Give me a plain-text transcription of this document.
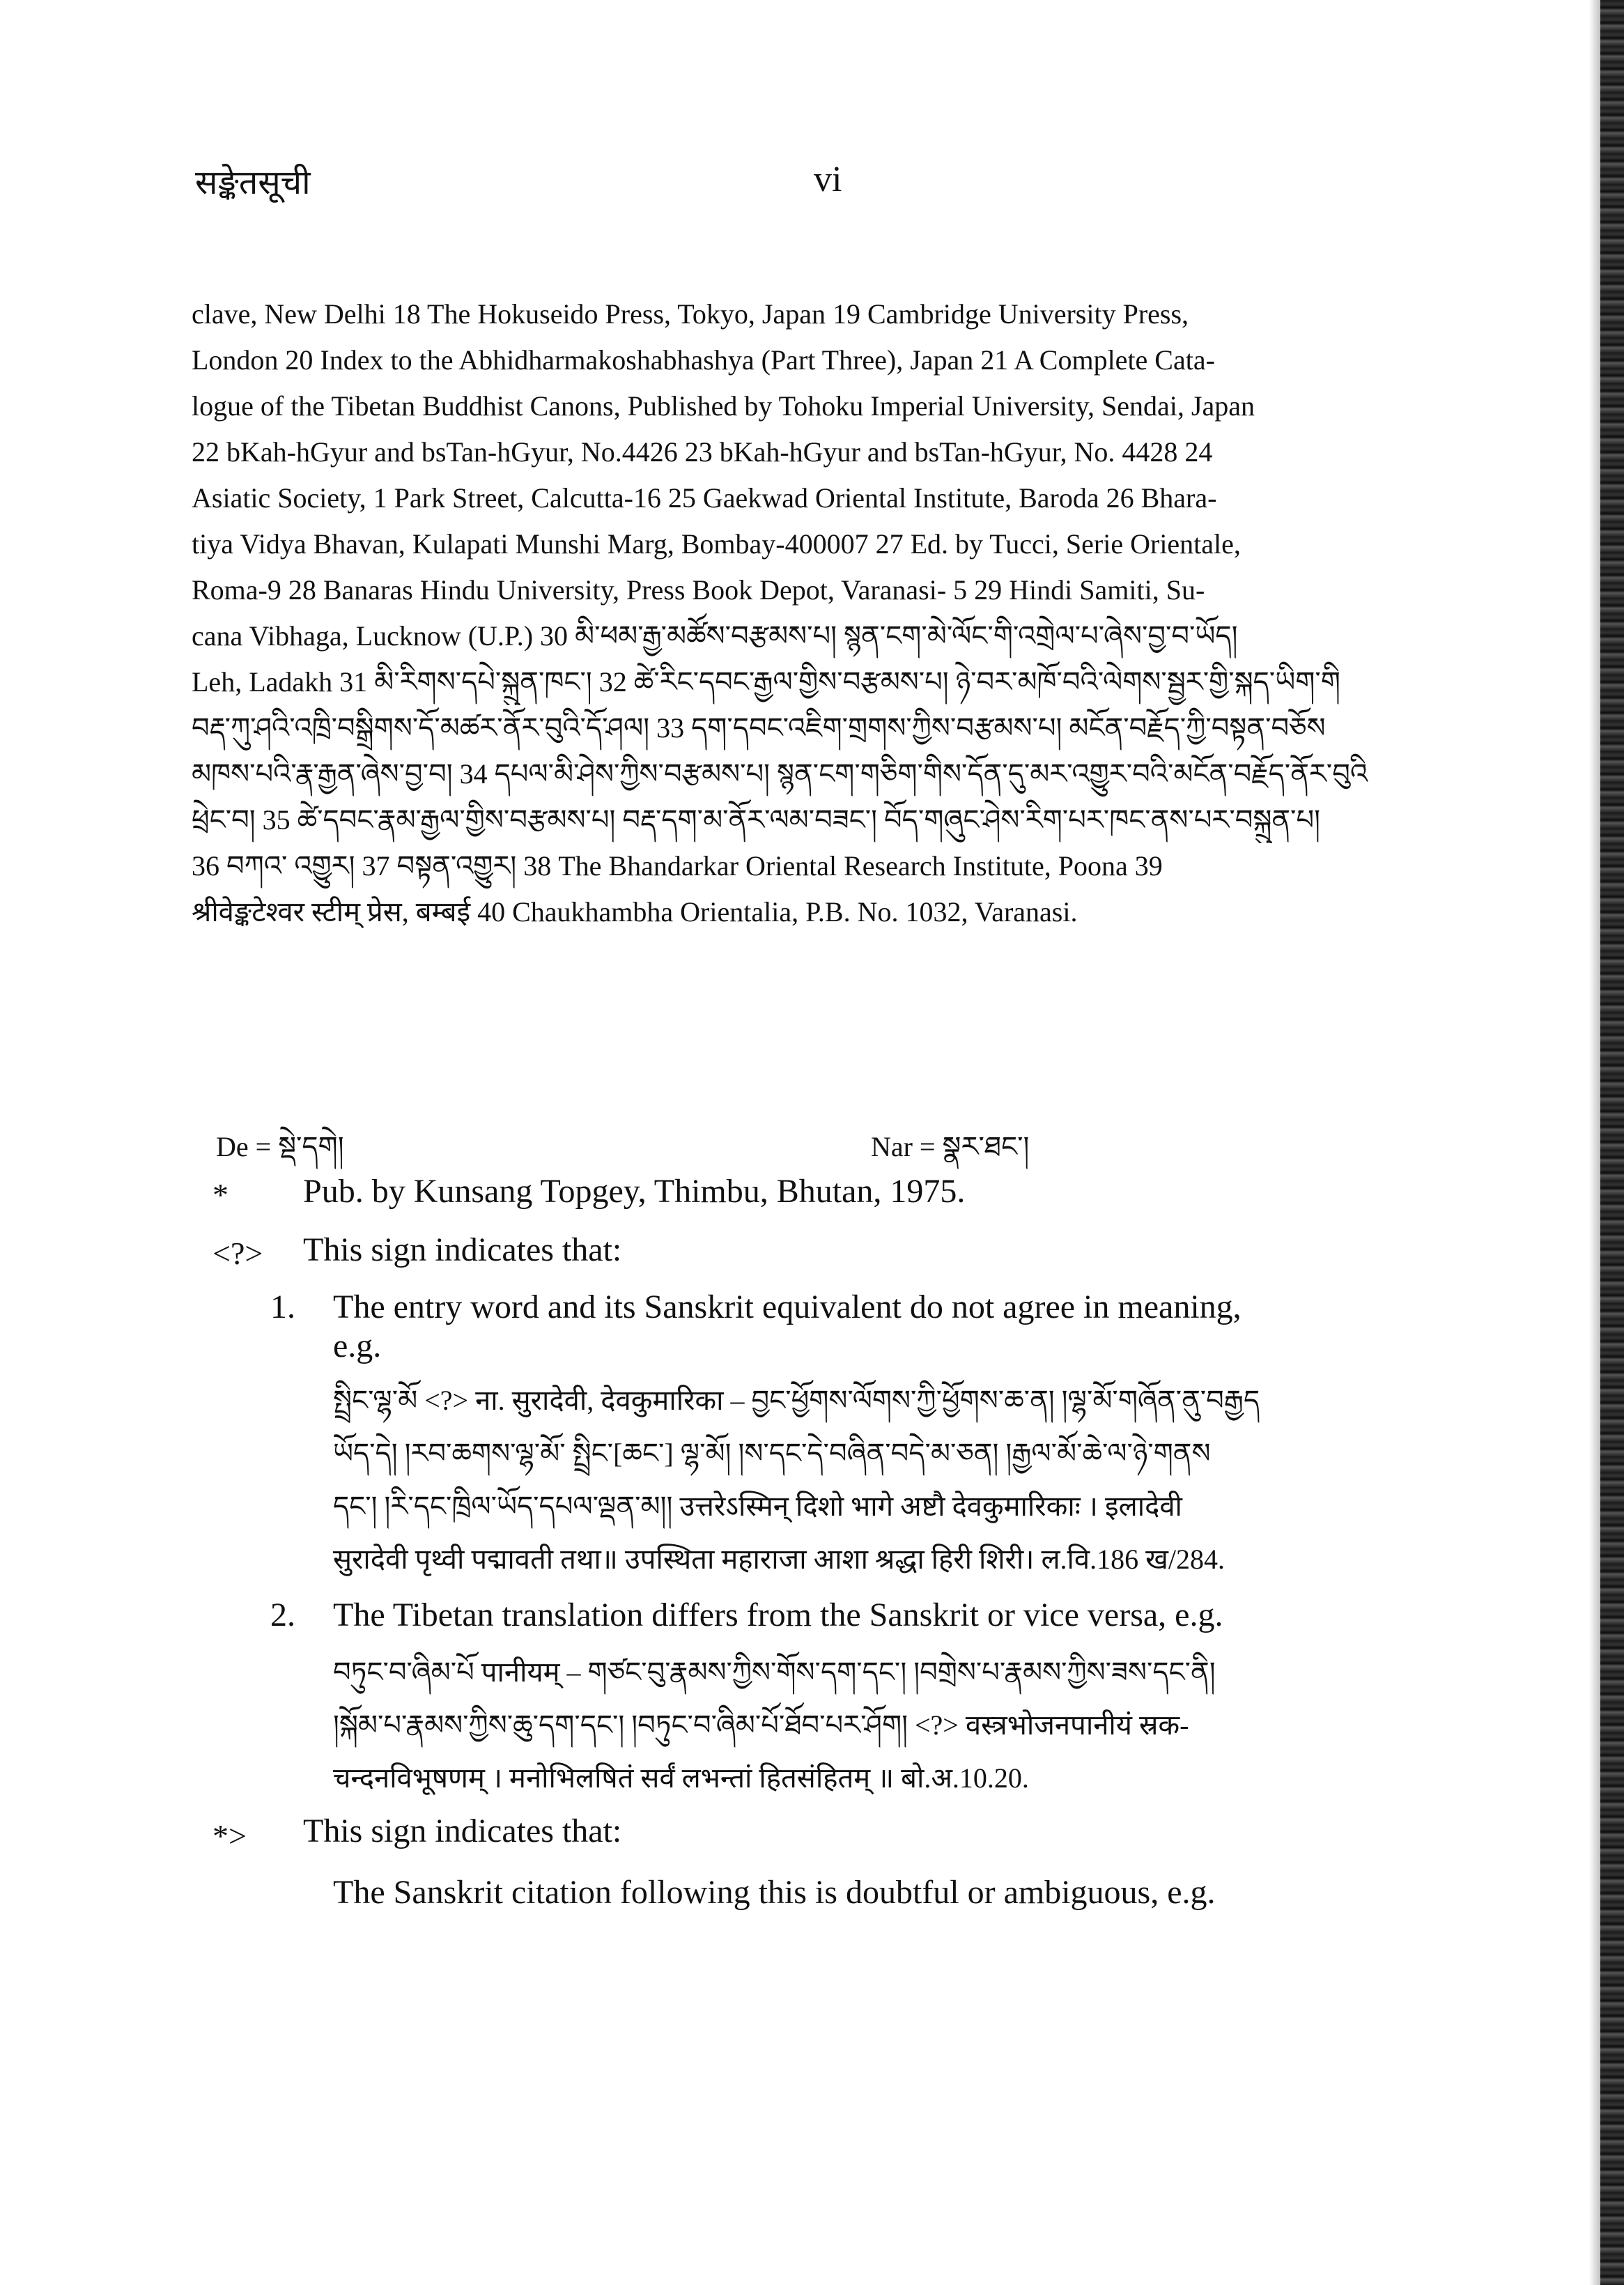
सङ्केतसूची	vi
clave, New Delhi 18 The Hokuseido Press, Tokyo, Japan 19 Cambridge University Press,
London 20 Index to the Abhidharmakoshabhashya (Part Three), Japan 21 A Complete Cata-
logue of the Tibetan Buddhist Canons, Published by Tohoku Imperial University, Sendai, Japan
22 bKah-hGyur and bsTan-hGyur, No.4426 23 bKah-hGyur and bsTan-hGyur, No. 4428 24
Asiatic Society, 1 Park Street, Calcutta-16 25 Gaekwad Oriental Institute, Baroda 26 Bhara-
tiya Vidya Bhavan, Kulapati Munshi Marg, Bombay-400007 27 Ed. by Tucci, Serie Orientale,
Roma-9 28 Banaras Hindu University, Press Book Depot, Varanasi- 5 29 Hindi Samiti, Su-
cana Vibhaga, Lucknow (U.P.) 30 མི་ཕམ་རྒྱ་མཚོས་བརྩམས་པ། སྙན་ངག་མེ་ལོང་གི་འགྲེལ་པ་ཞེས་བྱ་བ་ཡོད།
Leh, Ladakh 31 མི་རིགས་དཔེ་སྐྲུན་ཁང་། 32 ཚེ་རིང་དབང་རྒྱལ་གྱིས་བརྩམས་པ། ཉེ་བར་མཁོ་བའི་ལེགས་སྦྱར་གྱི་སྐད་ཡིག་གི
བརྡ་ཀུ་ཤའི་འཁྲི་བསྒྲིགས་དོ་མཚར་ནོར་བུའི་དོ་ཤལ། 33 དག་དབང་འཇིག་གྲགས་ཀྱིས་བརྩམས་པ། མངོན་བརྗོད་ཀྱི་བསྟན་བཅོས
མཁས་པའི་རྣ་རྒྱན་ཞེས་བྱ་བ། 34 དཔལ་མི་ཤེས་ཀྱིས་བརྩམས་པ། སྙན་ངག་གཅིག་གིས་དོན་དུ་མར་འགྱུར་བའི་མངོན་བརྗོད་ནོར་བུའི
ཕྲེང་བ། 35 ཚེ་དབང་རྣམ་རྒྱལ་གྱིས་བརྩམས་པ། བརྡ་དག་མ་ནོར་ལམ་བཟང་། བོད་གཞུང་ཤེས་རིག་པར་ཁང་ནས་པར་བསྐྲུན་པ།
36 བཀའ་ འགྱུར། 37 བསྟན་འགྱུར། 38 The Bhandarkar Oriental Research Institute, Poona 39
श्रीवेङ्कटेश्वर स्टीम् प्रेस, बम्बई 40 Chaukhambha Orientalia, P.B. No. 1032, Varanasi.
De = སྡེ་དགེ།	Nar = སྣར་ཐང་།
* Pub. by Kunsang Topgey, Thimbu, Bhutan, 1975.
<?> This sign indicates that:
1. The entry word and its Sanskrit equivalent do not agree in meaning,
e.g.
སྤྲིང་ལྷ་མོ <?> ना. सुरादेवी, देवकुमारिका – བྱང་ཕྱོགས་ལོགས་ཀྱི་ཕྱོགས་ཆ་ན། །ལྷ་མོ་གཞོན་ནུ་བརྒྱད
ཡོད་དེ། །རབ་ཆགས་ལྷ་མོ་ སྤྲིང་[ཆང་] ལྷ་མོ། །ས་དང་དེ་བཞིན་བདེ་མ་ཅན། །རྒྱལ་མོ་ཆེ་ལ་ཉེ་གནས
དང་། །རི་དང་ཁྲིལ་ཡོད་དཔལ་ལྡན་མ།། उत्तरेऽस्मिन् दिशो भागे अष्टौ देवकुमारिकाः । इलादेवी
सुरादेवी पृथ्वी पद्मावती तथा॥ उपस्थिता महाराजा आशा श्रद्धा हिरी शिरी। ल.वि.186 ख/284.
2. The Tibetan translation differs from the Sanskrit or vice versa, e.g.
བཏུང་བ་ཞིམ་པོ पानीयम् – གཙང་བུ་རྣམས་ཀྱིས་གོས་དག་དང་། །བགྲེས་པ་རྣམས་ཀྱིས་ཟས་དང་ནི།
།སྐོམ་པ་རྣམས་ཀྱིས་ཆུ་དག་དང་། །བཏུང་བ་ཞིམ་པོ་ཐོབ་པར་ཤོག། <?> वस्त्रभोजनपानीयं स्रक-
चन्दनविभूषणम् । मनोभिलषितं सर्वं लभन्तां हितसंहितम् ॥ बो.अ.10.20.
*> This sign indicates that:
The Sanskrit citation following this is doubtful or ambiguous, e.g.
